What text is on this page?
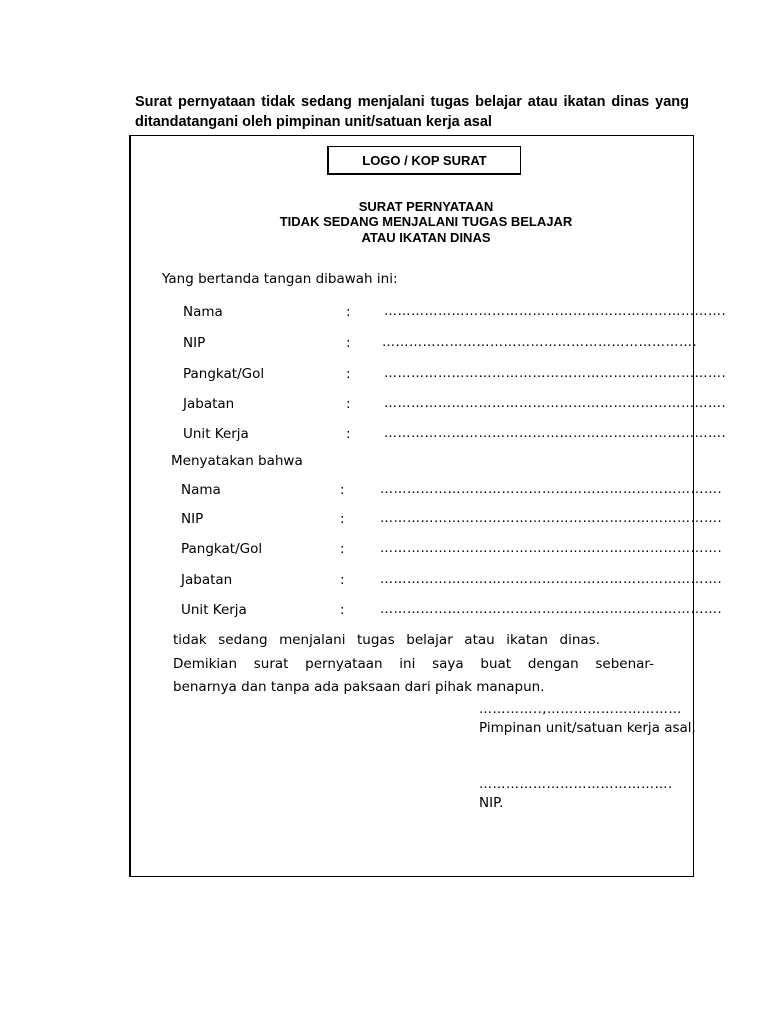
Surat pernyataan tidak sedang menjalani tugas belajar atau ikatan dinas yang ditandatangani oleh pimpinan unit/satuan kerja asal

LOGO / KOP SURAT
SURAT PERNYATAAN
TIDAK SEDANG MENJALANI TUGAS BELAJAR
ATAU IKATAN DINAS
Yang bertanda tangan dibawah ini:
Nama	:	………………………………………………………………….
NIP	: …………………………………………………………….
Pangkat/Gol	:	………………………………………………………………….
Jabatan	:	………………………………………………………………….
Unit Kerja	:	………………………………………………………………….
Menyatakan bahwa
Nama	:	………………………………………………………………….
NIP	:	………………………………………………………………….
Pangkat/Gol	:	………………………………………………………………….
Jabatan	:	………………………………………………………………….
Unit Kerja	:	………………………………………………………………….
tidak sedang menjalani tugas belajar atau ikatan dinas.
Demikian surat pernyataan ini saya buat dengan sebenar-
benarnya dan tanpa ada paksaan dari pihak manapun.
…………..,…………………………
Pimpinan unit/satuan kerja asal,
…………………………………….
NIP.
